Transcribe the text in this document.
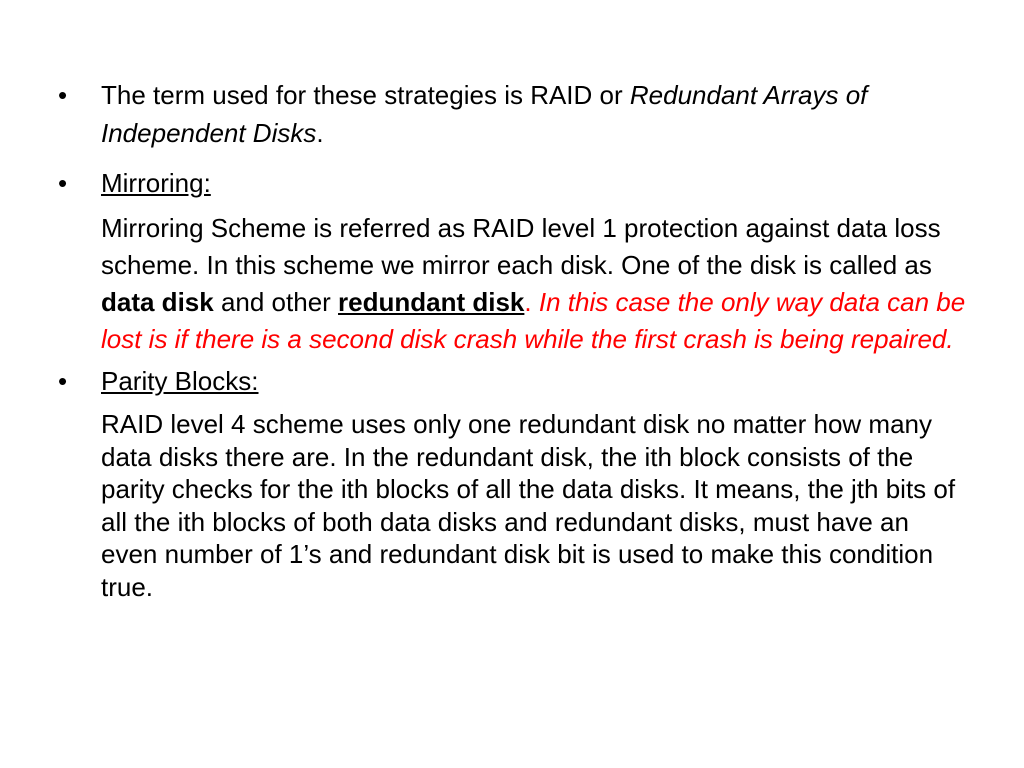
• The term used for these strategies is RAID or Redundant Arrays of Independent Disks.
• Mirroring:
Mirroring Scheme is referred as RAID level 1 protection against data loss scheme. In this scheme we mirror each disk. One of the disk is called as data disk and other redundant disk. In this case the only way data can be lost is if there is a second disk crash while the first crash is being repaired.
• Parity Blocks:
RAID level 4 scheme uses only one redundant disk no matter how many data disks there are. In the redundant disk, the ith block consists of the parity checks for the ith blocks of all the data disks. It means, the jth bits of all the ith blocks of both data disks and redundant disks, must have an even number of 1’s and redundant disk bit is used to make this condition true.
